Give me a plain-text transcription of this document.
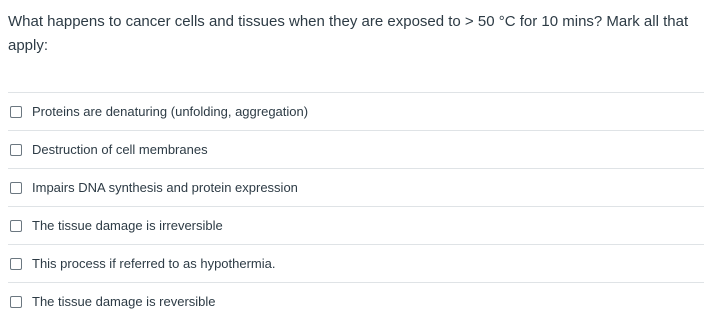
What happens to cancer cells and tissues when they are exposed to > 50 °C for 10 mins? Mark all that apply:
Proteins are denaturing (unfolding, aggregation)
Destruction of cell membranes
Impairs DNA synthesis and protein expression
The tissue damage is irreversible
This process if referred to as hypothermia.
The tissue damage is reversible
